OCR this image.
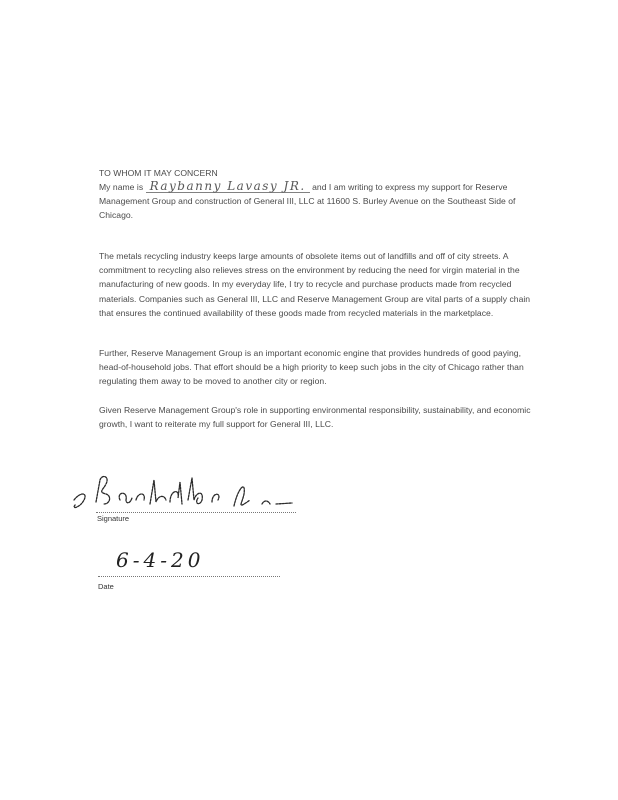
TO WHOM IT MAY CONCERN
My name is Raybanny Lavasy JR. and I am writing to express my support for Reserve Management Group and construction of General III, LLC at 11600 S. Burley Avenue on the Southeast Side of Chicago.
The metals recycling industry keeps large amounts of obsolete items out of landfills and off of city streets. A commitment to recycling also relieves stress on the environment by reducing the need for virgin material in the manufacturing of new goods. In my everyday life, I try to recycle and purchase products made from recycled materials. Companies such as General III, LLC and Reserve Management Group are vital parts of a supply chain that ensures the continued availability of these goods made from recycled materials in the marketplace.
Further, Reserve Management Group is an important economic engine that provides hundreds of good paying, head-of-household jobs. That effort should be a high priority to keep such jobs in the city of Chicago rather than regulating them away to be moved to another city or region.
Given Reserve Management Group's role in supporting environmental responsibility, sustainability, and economic growth, I want to reiterate my full support for General III, LLC.
Signature
6-4-20
Date
